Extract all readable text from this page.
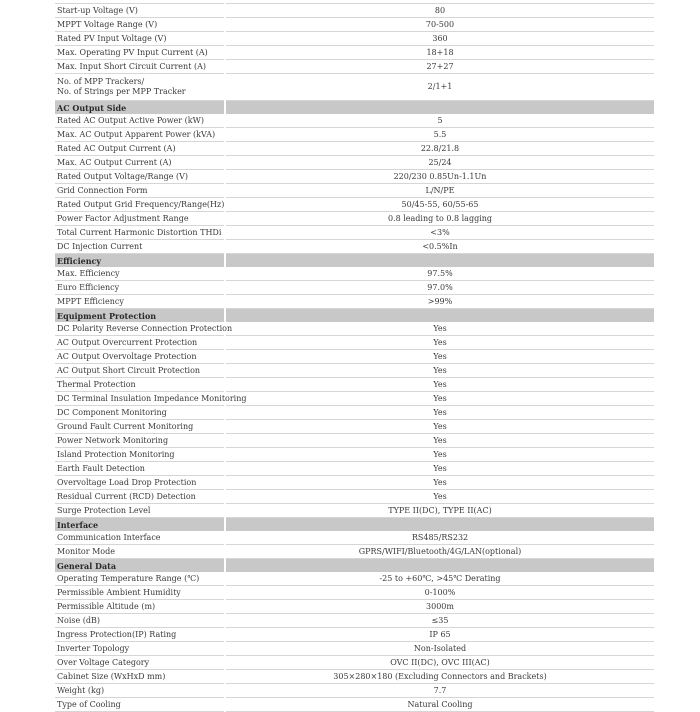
Start-up Voltage (V)	80
MPPT Voltage Range (V)	70-500
Rated PV Input Voltage (V)	360
Max. Operating PV Input Current (A)	18+18
Max. Input Short Circuit Current (A)	27+27
No. of MPP Trackers/
No. of Strings per MPP Tracker	2/1+1
AC Output Side	
Rated AC Output Active Power (kW)	5
Max. AC Output Apparent Power (kVA)	5.5
Rated AC Output Current (A)	22.8/21.8
Max. AC Output Current (A)	25/24
Rated Output Voltage/Range (V)	220/230 0.85Un-1.1Un
Grid Connection Form	L/N/PE
Rated Output Grid Frequency/Range(Hz)	50/45-55, 60/55-65
Power Factor Adjustment Range	0.8 leading to 0.8 lagging
Total Current Harmonic Distortion THDi	<3%
DC Injection Current	<0.5%In
Efficiency	
Max. Efficiency	97.5%
Euro Efficiency	97.0%
MPPT Efficiency	>99%
Equipment Protection	
DC Polarity Reverse Connection Protection	Yes
AC Output Overcurrent Protection	Yes
AC Output Overvoltage Protection	Yes
AC Output Short Circuit Protection	Yes
Thermal Protection	Yes
DC Terminal Insulation Impedance Monitoring	Yes
DC Component Monitoring	Yes
Ground Fault Current Monitoring	Yes
Power Network Monitoring	Yes
Island Protection Monitoring	Yes
Earth Fault Detection	Yes
Overvoltage Load Drop Protection	Yes
Residual Current (RCD) Detection	Yes
Surge Protection Level	TYPE II(DC), TYPE II(AC)
Interface	
Communication Interface	RS485/RS232
Monitor Mode	GPRS/WIFI/Bluetooth/4G/LAN(optional)
General Data	
Operating Temperature Range (℃)	-25 to +60℃, >45℃ Derating
Permissible Ambient Humidity	0-100%
Permissible Altitude (m)	3000m
Noise (dB)	≤35
Ingress Protection(IP) Rating	IP 65
Inverter Topology	Non-Isolated
Over Voltage Category	OVC II(DC), OVC III(AC)
Cabinet Size (WxHxD mm)	305×280×180 (Excluding Connectors and Brackets)
Weight (kg)	7.7
Type of Cooling	Natural Cooling
